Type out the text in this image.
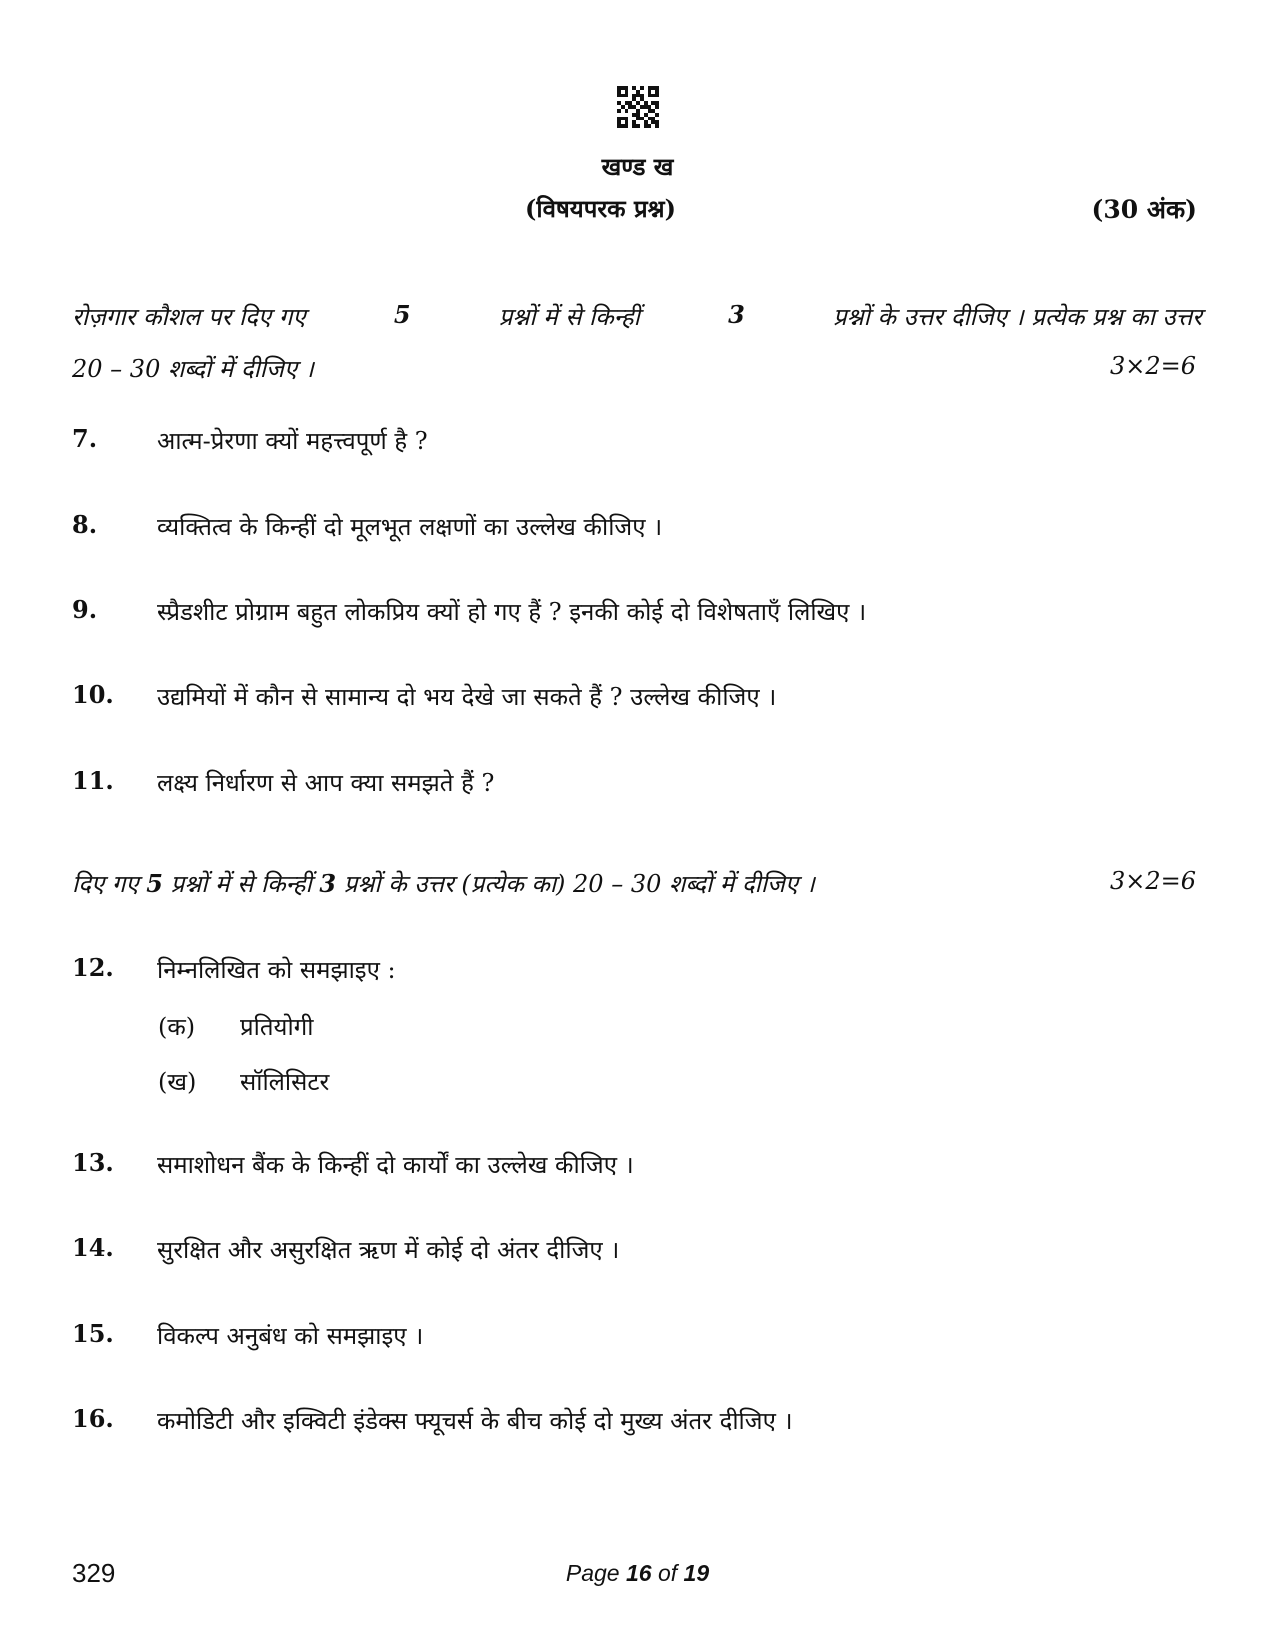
खण्ड ख
(विषयपरक प्रश्न)	(30 अंक)
रोज़गार कौशल पर दिए गए	5	प्रश्नों में से किन्हीं	3	प्रश्नों के उत्तर दीजिए । प्रत्येक प्रश्न का उत्तर
20 – 30 शब्दों में दीजिए ।	3×2=6
7.	आत्म-प्रेरणा क्यों महत्त्वपूर्ण है ?
8.	व्यक्तित्व के किन्हीं दो मूलभूत लक्षणों का उल्लेख कीजिए ।
9.	स्प्रैडशीट प्रोग्राम बहुत लोकप्रिय क्यों हो गए हैं ? इनकी कोई दो विशेषताएँ लिखिए ।
10.	उद्यमियों में कौन से सामान्य दो भय देखे जा सकते हैं ? उल्लेख कीजिए ।
11.	लक्ष्य निर्धारण से आप क्या समझते हैं ?
दिए गए 5 प्रश्नों में से किन्हीं 3 प्रश्नों के उत्तर (प्रत्येक का) 20 – 30 शब्दों में दीजिए ।	3×2=6
12.	निम्नलिखित को समझाइए :
(क)	प्रतियोगी
(ख)	सॉलिसिटर
13.	समाशोधन बैंक के किन्हीं दो कार्यों का उल्लेख कीजिए ।
14.	सुरक्षित और असुरक्षित ऋण में कोई दो अंतर दीजिए ।
15.	विकल्प अनुबंध को समझाइए ।
16.	कमोडिटी और इक्विटी इंडेक्स फ्यूचर्स के बीच कोई दो मुख्य अंतर दीजिए ।
329	Page 16 of 19
